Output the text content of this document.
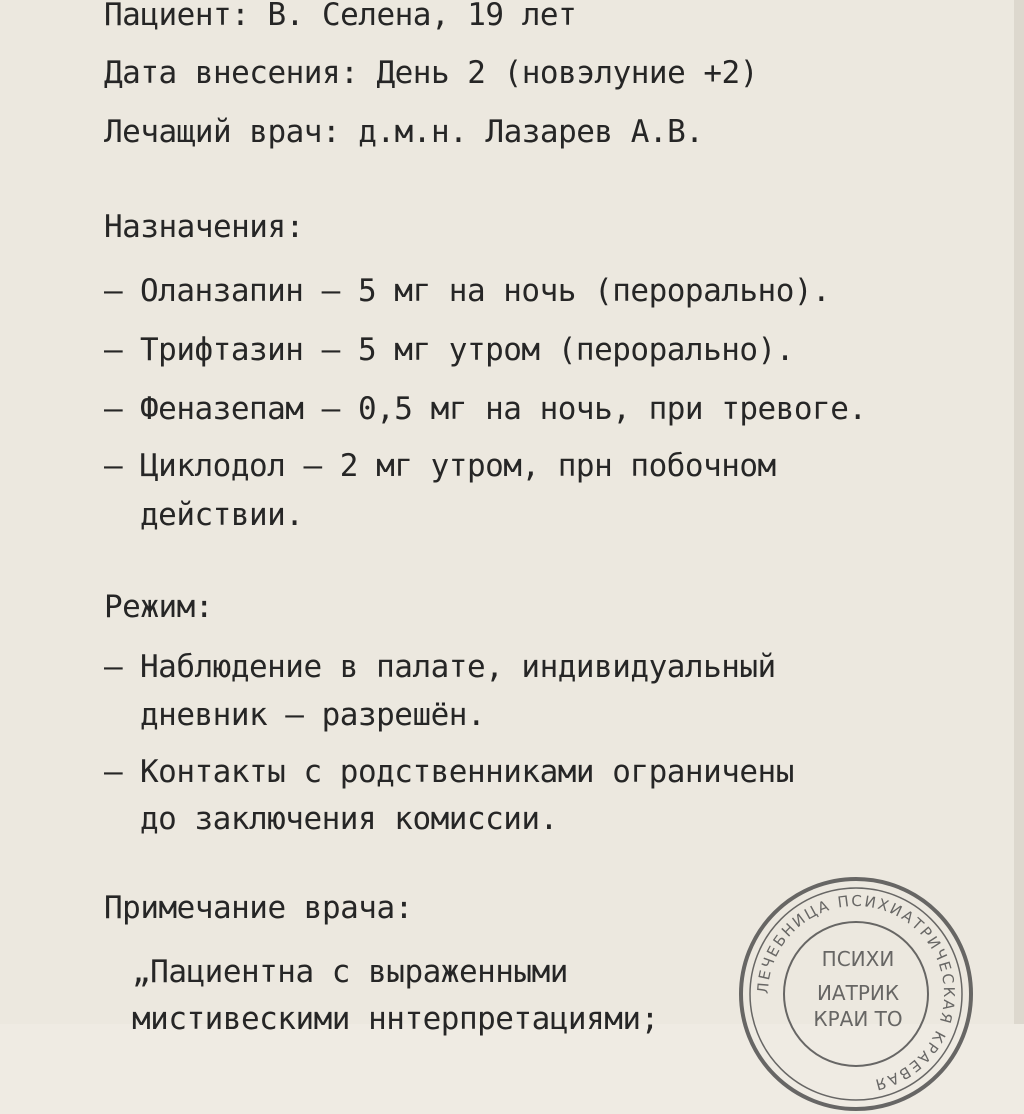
Пациент: В. Селена, 19 лет
Дата внесения: День 2 (новэлуние +2)
Лечащий врач: д.м.н. Лазарев А.В.
Назначения:
– Оланзапин – 5 мг на ночь (перорально).
– Трифтазин – 5 мг утром (перорально).
– Феназепам – 0,5 мг на ночь, при тревоге.
– Циклодол – 2 мг утром, прн побочном
действии.
Режим:
– Наблюдение в палате, индивидуальный
дневник – разрешён.
– Контакты с родственниками ограничены
до заключения комиссии.
Примечание врача:
„Пациентна с выраженными
мистивескими ннтерпретациями;
ЛЕЧЕБНИЦА ПСИХИАТРИЧЕСКАЯ КРАЕВАЯ
ПСИХИ
ИАТРИК
КРАИ ТО
